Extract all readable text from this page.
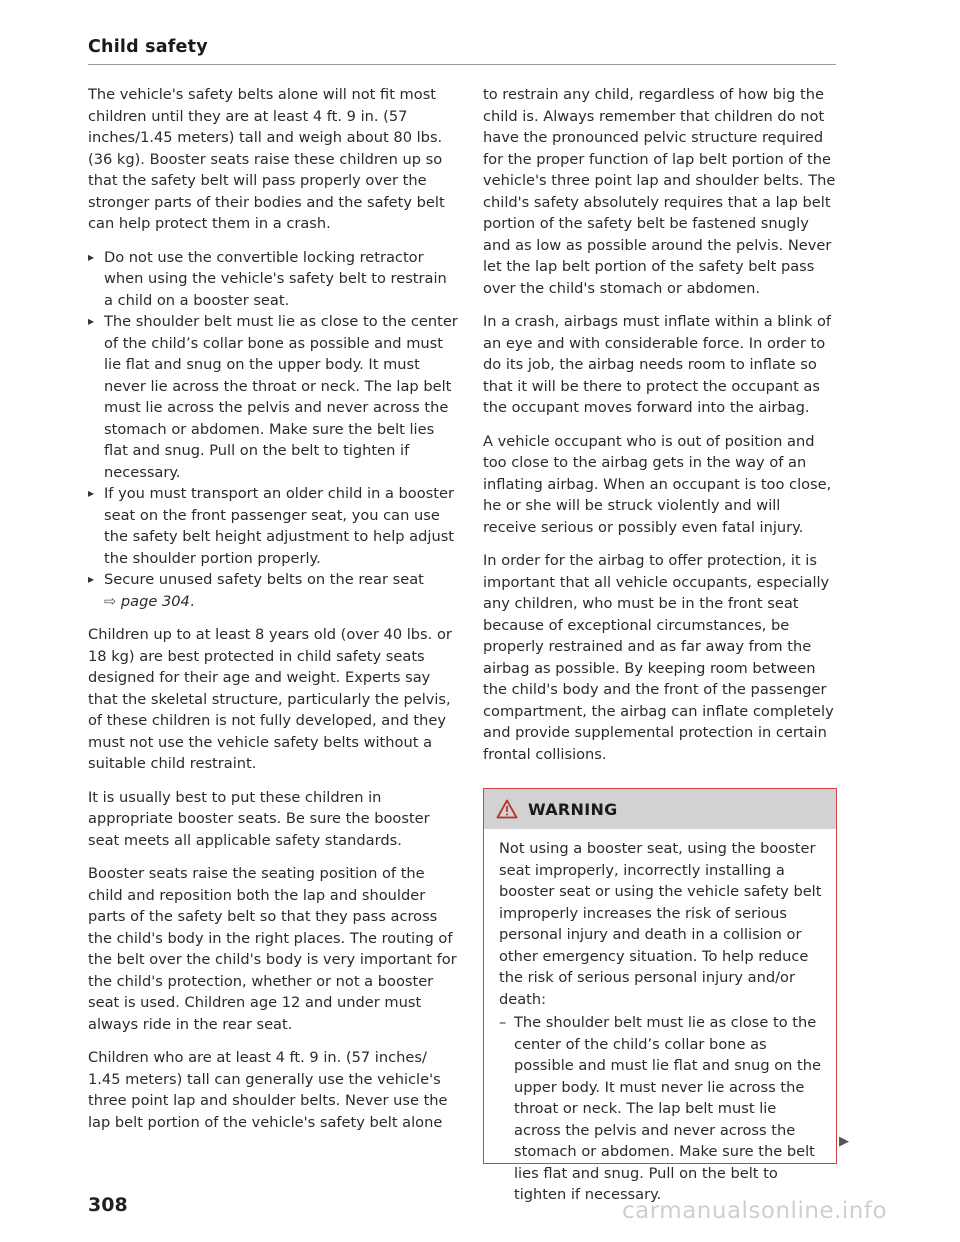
Child safety

The vehicle's safety belts alone will not fit most children until they are at least 4 ft. 9 in. (57 inches/1.45 meters) tall and weigh about 80 lbs. (36 kg). Booster seats raise these children up so that the safety belt will pass properly over the stronger parts of their bodies and the safety belt can help protect them in a crash.

▸ Do not use the convertible locking retractor when using the vehicle's safety belt to restrain a child on a booster seat.
▸ The shoulder belt must lie as close to the center of the child’s collar bone as possible and must lie flat and snug on the upper body. It must never lie across the throat or neck. The lap belt must lie across the pelvis and never across the stomach or abdomen. Make sure the belt lies flat and snug. Pull on the belt to tighten if necessary.
▸ If you must transport an older child in a booster seat on the front passenger seat, you can use the safety belt height adjustment to help adjust the shoulder portion properly.
▸ Secure unused safety belts on the rear seat
⇨ page 304.

Children up to at least 8 years old (over 40 lbs. or 18 kg) are best protected in child safety seats designed for their age and weight. Experts say that the skeletal structure, particularly the pelvis, of these children is not fully developed, and they must not use the vehicle safety belts without a suitable child restraint.

It is usually best to put these children in appropriate booster seats. Be sure the booster seat meets all applicable safety standards.

Booster seats raise the seating position of the child and reposition both the lap and shoulder parts of the safety belt so that they pass across the child's body in the right places. The routing of the belt over the child's body is very important for the child's protection, whether or not a booster seat is used. Children age 12 and under must always ride in the rear seat.

Children who are at least 4 ft. 9 in. (57 inches/ 1.45 meters) tall can generally use the vehicle's three point lap and shoulder belts. Never use the lap belt portion of the vehicle's safety belt alone

to restrain any child, regardless of how big the child is. Always remember that children do not have the pronounced pelvic structure required for the proper function of lap belt portion of the vehicle's three point lap and shoulder belts. The child's safety absolutely requires that a lap belt portion of the safety belt be fastened snugly and as low as possible around the pelvis. Never let the lap belt portion of the safety belt pass over the child's stomach or abdomen.

In a crash, airbags must inflate within a blink of an eye and with considerable force. In order to do its job, the airbag needs room to inflate so that it will be there to protect the occupant as the occupant moves forward into the airbag.

A vehicle occupant who is out of position and too close to the airbag gets in the way of an inflating airbag. When an occupant is too close, he or she will be struck violently and will receive serious or possibly even fatal injury.

In order for the airbag to offer protection, it is important that all vehicle occupants, especially any children, who must be in the front seat because of exceptional circumstances, be properly restrained and as far away from the airbag as possible. By keeping room between the child's body and the front of the passenger compartment, the airbag can inflate completely and provide supplemental protection in certain frontal collisions.

WARNING

Not using a booster seat, using the booster seat improperly, incorrectly installing a booster seat or using the vehicle safety belt improperly increases the risk of serious personal injury and death in a collision or other emergency situation. To help reduce the risk of serious personal injury and/or death:

– The shoulder belt must lie as close to the center of the child’s collar bone as possible and must lie flat and snug on the upper body. It must never lie across the throat or neck. The lap belt must lie across the pelvis and never across the stomach or abdomen. Make sure the belt lies flat and snug. Pull on the belt to tighten if necessary.
▶
308	carmanualsonline.info
